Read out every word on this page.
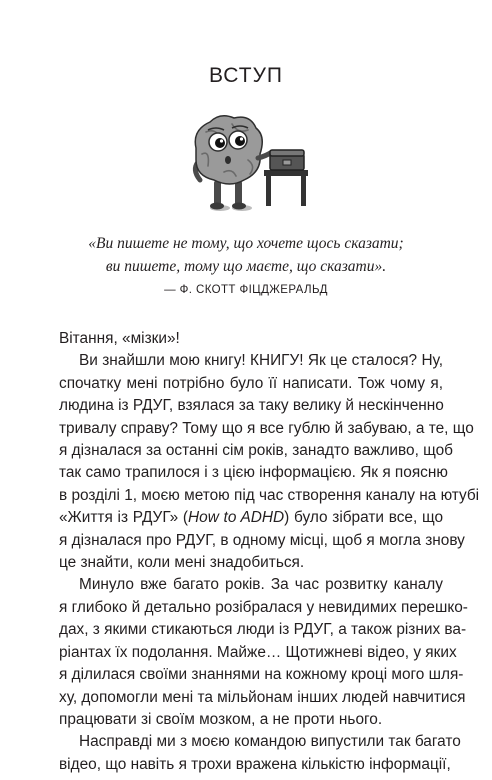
ВСТУП
«Ви пишете не тому, що хочете щось сказати;
ви пишете, тому що маєте, що сказати».
— Ф. СКОТТ ФІЦДЖЕРАЛЬД

Вітання, «мізки»!

Ви знайшли мою книгу! КНИГУ! Як це сталося? Ну,
спочатку мені потрібно було її написати. Тож чому я,
людина із РДУГ, взялася за таку велику й нескінченно
тривалу справу? Тому що я все гублю й забуваю, а те, що
я дізналася за останні сім років, занадто важливо, щоб
так само трапилося і з цією інформацією. Як я поясню
в розділі 1, моєю метою під час створення каналу на ютубі
«Життя із РДУГ» (How to ADHD) було зібрати все, що
я дізналася про РДУГ, в одному місці, щоб я могла знову
це знайти, коли мені знадобиться.
Минуло вже багато років. За час розвитку каналу
я глибоко й детально розібралася у невидимих перешко-
дах, з якими стикаються люди із РДУГ, а також різних ва-
ріантах їх подолання. Майже… Щотижневі відео, у яких
я ділилася своїми знаннями на кожному кроці мого шля-
ху, допомогли мені та мільйонам інших людей навчитися
працювати зі своїм мозком, а не проти нього.
Насправді ми з моєю командою випустили так багато
відео, що навіть я трохи вражена кількістю інформації,
